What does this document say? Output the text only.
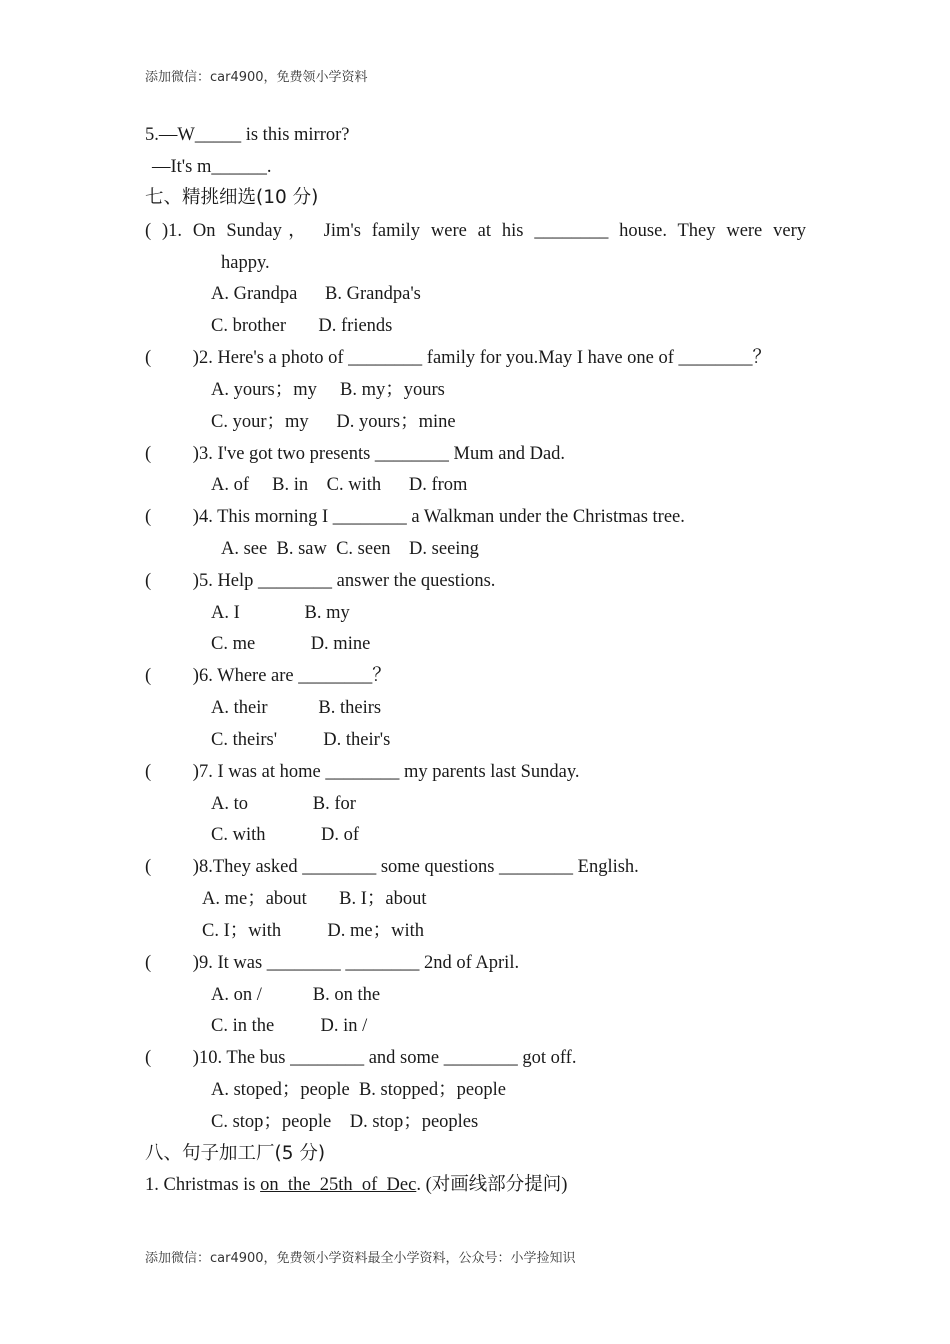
添加微信：car4900，免费领小学资料
5.—W_____ is this mirror?
—It's m______.
七、精挑细选(10 分)
( )1. On Sunday， Jim's family were at his ________ house. They were very
happy.
A. Grandpa      B. Grandpa's
C. brother       D. friends
(         )2. Here's a photo of ________ family for you.May I have one of ________？
A. yours；my     B. my；yours
C. your；my      D. yours；mine
(         )3. I've got two presents ________ Mum and Dad.
A. of     B. in    C. with      D. from
(         )4. This morning I ________ a Walkman under the Christmas tree.
A. see  B. saw  C. seen    D. seeing
(         )5. Help ________ answer the questions.
A. I              B. my
C. me            D. mine
(         )6. Where are ________？
A. their           B. theirs
C. theirs'          D. their's
(         )7. I was at home ________ my parents last Sunday.
A. to              B. for
C. with            D. of
(         )8.They asked ________ some questions ________ English.
A. me；about       B. I；about
C. I；with          D. me；with
(         )9. It was ________ ________ 2nd of April.
A. on /           B. on the
C. in the          D. in /
(         )10. The bus ________ and some ________ got off.
A. stoped；people  B. stopped；people
C. stop；people    D. stop；peoples
八、句子加工厂(5 分)
1. Christmas is on  the  25th  of  Dec. (对画线部分提问)
添加微信：car4900，免费领小学资料最全小学资料，公众号：小学捡知识
